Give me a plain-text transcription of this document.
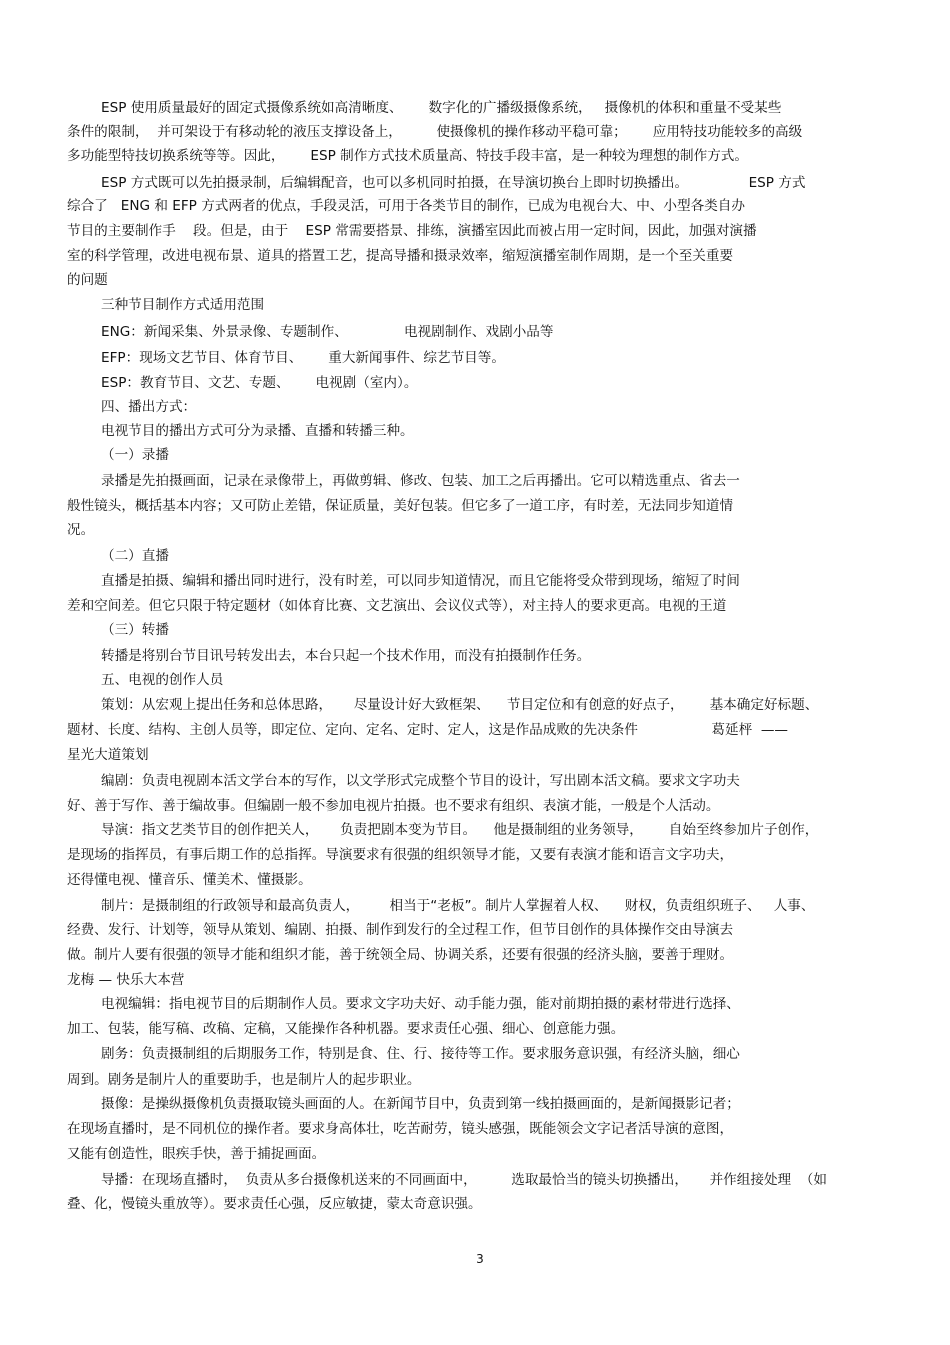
ESP 使用质量最好的固定式摄像系统如高清晰度、      数字化的广播级摄像系统，   摄像机的体积和重量不受某些

条件的限制，  并可架设于有移动轮的液压支撑设备上，        使摄像机的操作移动平稳可靠；      应用特技功能较多的高级

多功能型特技切换系统等等。因此，      ESP 制作方式技术质量高、特技手段丰富，是一种较为理想的制作方式。

ESP 方式既可以先拍摄录制，后编辑配音，也可以多机同时拍摄，在导演切换台上即时切换播出。              ESP 方式

综合了   ENG 和 EFP 方式两者的优点，手段灵活，可用于各类节目的制作，已成为电视台大、中、小型各类自办

节目的主要制作手    段。但是，由于    ESP 常需要搭景、排练，演播室因此而被占用一定时间，因此，加强对演播

室的科学管理，改进电视布景、道具的搭置工艺，提高导播和摄录效率，缩短演播室制作周期，是一个至关重要

的问题

三种节目制作方式适用范围

ENG：新闻采集、外景录像、专题制作、             电视剧制作、戏剧小品等

EFP：现场文艺节目、体育节目、      重大新闻事件、综艺节目等。

ESP：教育节目、文艺、专题、      电视剧（室内）。

四、播出方式：

电视节目的播出方式可分为录播、直播和转播三种。

（一）录播

录播是先拍摄画面，记录在录像带上，再做剪辑、修改、包装、加工之后再播出。它可以精选重点、省去一

般性镜头，概括基本内容；又可防止差错，保证质量，美好包装。但它多了一道工序，有时差，无法同步知道情

况。

（二）直播

直播是拍摄、编辑和播出同时进行，没有时差，可以同步知道情况，而且它能将受众带到现场，缩短了时间

差和空间差。但它只限于特定题材（如体育比赛、文艺演出、会议仪式等），对主持人的要求更高。电视的王道

（三）转播

转播是将别台节目讯号转发出去，本台只起一个技术作用，而没有拍摄制作任务。

五、电视的创作人员

策划：从宏观上提出任务和总体思路，     尽量设计好大致框架、    节目定位和有创意的好点子，      基本确定好标题、

题材、长度、结构、主创人员等，即定位、定向、定名、定时、定人，这是作品成败的先决条件                 葛延枰  ——

星光大道策划

编剧：负责电视剧本活文学台本的写作，以文学形式完成整个节目的设计，写出剧本活文稿。要求文字功夫

好、善于写作、善于编故事。但编剧一般不参加电视片拍摄。也不要求有组织、表演才能，一般是个人活动。

导演：指文艺类节目的创作把关人，     负责把剧本变为节目。    他是摄制组的业务领导，      自始至终参加片子创作，

是现场的指挥员，有事后期工作的总指挥。导演要求有很强的组织领导才能，又要有表演才能和语言文字功夫，

还得懂电视、懂音乐、懂美术、懂摄影。

制片：是摄制组的行政领导和最高负责人，       相当于“老板”。制片人掌握着人权、    财权，负责组织班子、   人事、

经费、发行、计划等，领导从策划、编剧、拍摄、制作到发行的全过程工作，但节目创作的具体操作交由导演去

做。制片人要有很强的领导才能和组织才能，善于统领全局、协调关系，还要有很强的经济头脑，要善于理财。

龙梅 — 快乐大本营

电视编辑：指电视节目的后期制作人员。要求文字功夫好、动手能力强，能对前期拍摄的素材带进行选择、

加工、包装，能写稿、改稿、定稿，又能操作各种机器。要求责任心强、细心、创意能力强。

剧务：负责摄制组的后期服务工作，特别是食、住、行、接待等工作。要求服务意识强，有经济头脑，细心

周到。剧务是制片人的重要助手，也是制片人的起步职业。

摄像：是操纵摄像机负责摄取镜头画面的人。在新闻节目中，负责到第一线拍摄画面的，是新闻摄影记者；

在现场直播时，是不同机位的操作者。要求身高体壮，吃苦耐劳，镜头感强，既能领会文字记者活导演的意图，

又能有创造性，眼疾手快，善于捕捉画面。

导播：在现场直播时，  负责从多台摄像机送来的不同画面中，        选取最恰当的镜头切换播出，     并作组接处理  （如

叠、化，慢镜头重放等）。要求责任心强，反应敏捷，蒙太奇意识强。

3
